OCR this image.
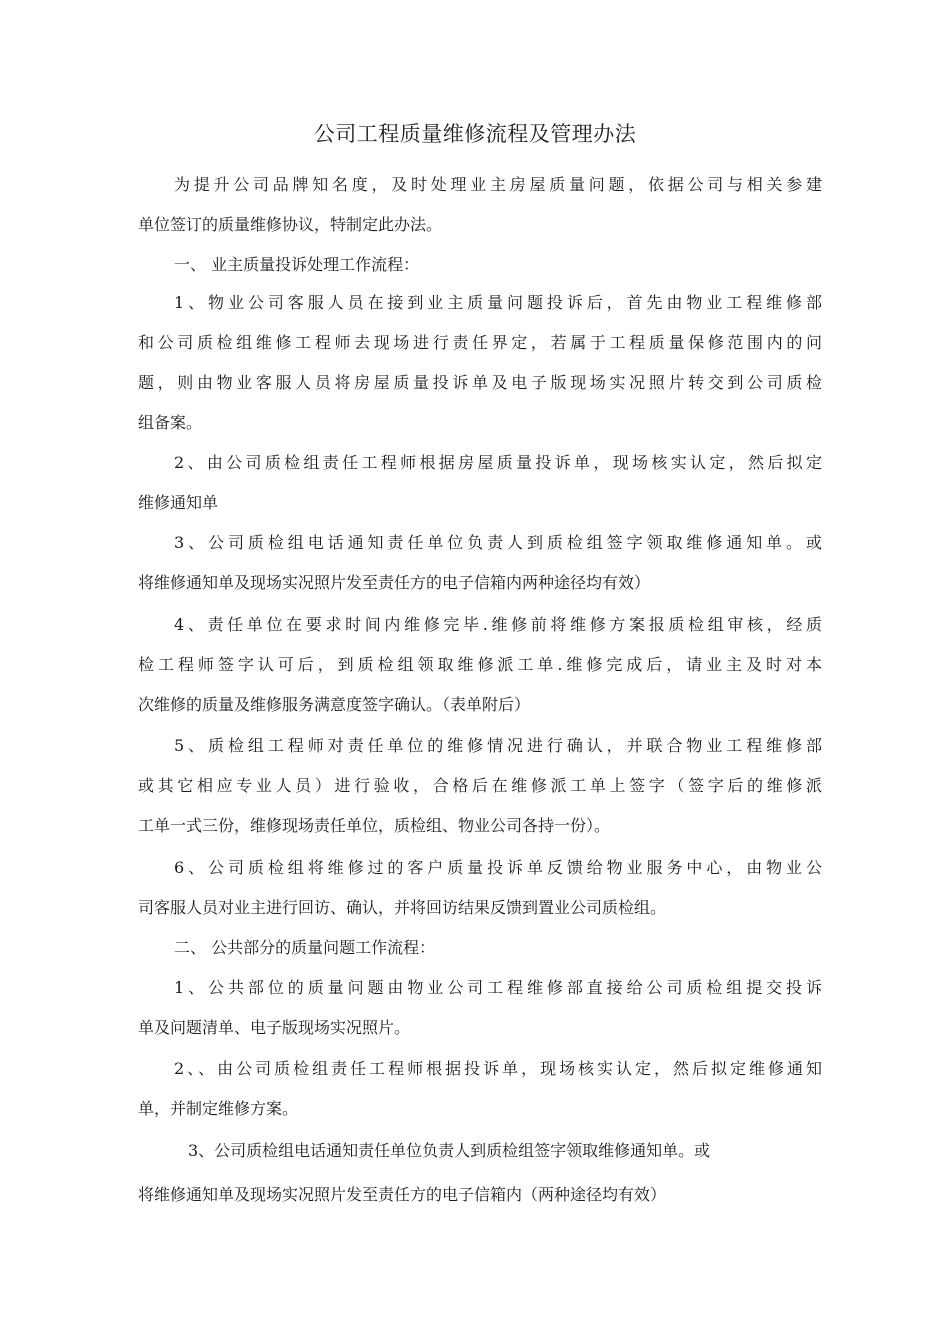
公司工程质量维修流程及管理办法
为提升公司品牌知名度，及时处理业主房屋质量问题，依据公司与相关参建
单位签订的质量维修协议，特制定此办法。
一、 业主质量投诉处理工作流程：
1、物业公司客服人员在接到业主质量问题投诉后，首先由物业工程维修部
和公司质检组维修工程师去现场进行责任界定，若属于工程质量保修范围内的问
题，则由物业客服人员将房屋质量投诉单及电子版现场实况照片转交到公司质检
组备案。
2、由公司质检组责任工程师根据房屋质量投诉单，现场核实认定，然后拟定
维修通知单
3、公司质检组电话通知责任单位负责人到质检组签字领取维修通知单。或
将维修通知单及现场实况照片发至责任方的电子信箱内两种途径均有效）
4、责任单位在要求时间内维修完毕.维修前将维修方案报质检组审核，经质
检工程师签字认可后，到质检组领取维修派工单.维修完成后，请业主及时对本
次维修的质量及维修服务满意度签字确认。（表单附后）
5、质检组工程师对责任单位的维修情况进行确认，并联合物业工程维修部
或其它相应专业人员）进行验收，合格后在维修派工单上签字（签字后的维修派
工单一式三份，维修现场责任单位，质检组、物业公司各持一份）。
6、公司质检组将维修过的客户质量投诉单反馈给物业服务中心，由物业公
司客服人员对业主进行回访、确认，并将回访结果反馈到置业公司质检组。
二、 公共部分的质量问题工作流程：
1、公共部位的质量问题由物业公司工程维修部直接给公司质检组提交投诉
单及问题清单、电子版现场实况照片。
2、、由公司质检组责任工程师根据投诉单，现场核实认定，然后拟定维修通知
单，并制定维修方案。
3、公司质检组电话通知责任单位负责人到质检组签字领取维修通知单。或
将维修通知单及现场实况照片发至责任方的电子信箱内（两种途径均有效）
